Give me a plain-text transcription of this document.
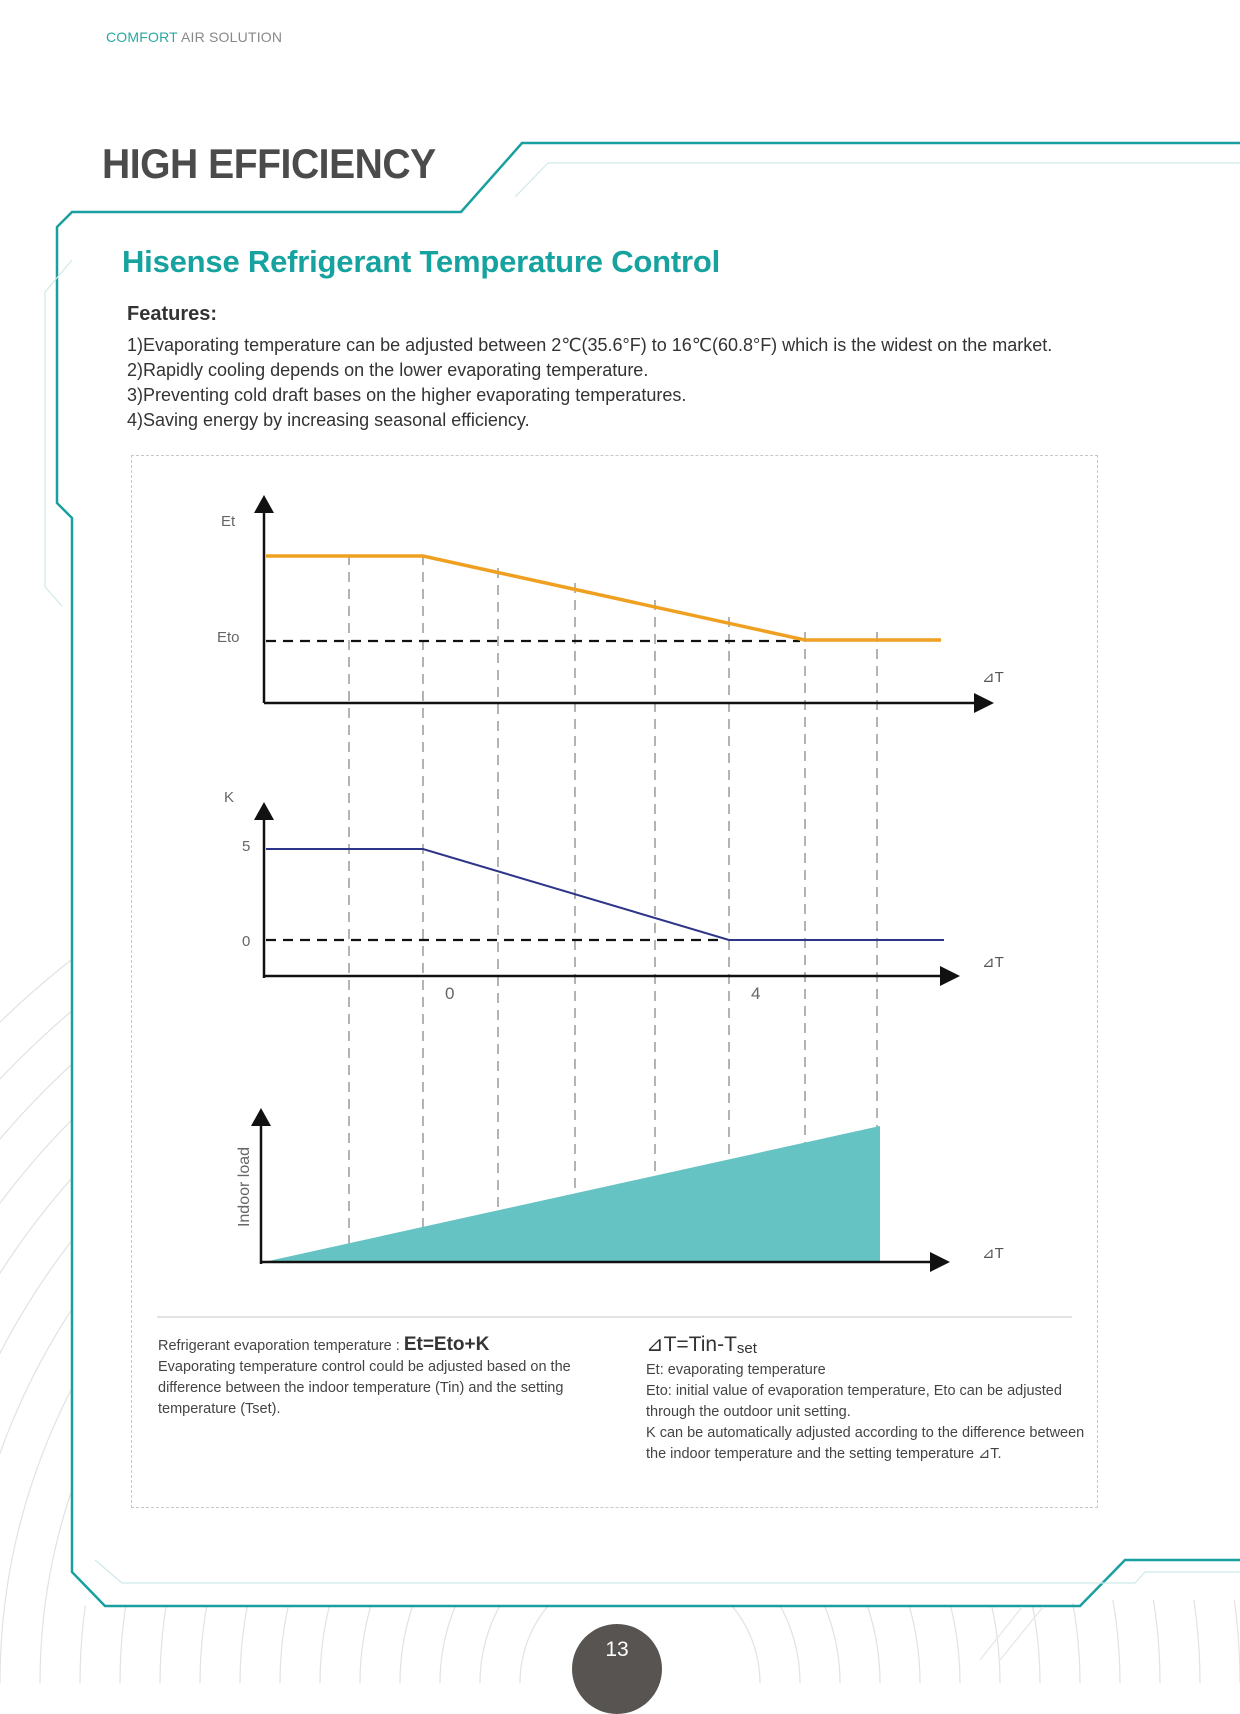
COMFORT AIR SOLUTION
HIGH EFFICIENCY
Hisense Refrigerant Temperature Control
Features:
1)Evaporating temperature can be adjusted between 2℃(35.6°F) to 16℃(60.8°F) which is the widest on the market.
2)Rapidly cooling depends on the lower evaporating temperature.
3)Preventing cold draft bases on the higher evaporating temperatures.
4)Saving energy by increasing seasonal efficiency.
Et
Eto
⊿T
K
5
0
⊿T
0	4
Indoor load
⊿T
Refrigerant evaporation temperature : Et=Eto+K
Evaporating temperature control could be adjusted based on the difference between the indoor temperature (Tin) and the setting temperature (Tset).
$⊿T=Tin-T_{set}$
Et: evaporating temperature
Eto: initial value of evaporation temperature, Eto can be adjusted through the outdoor unit setting.
K can be automatically adjusted according to the difference between the indoor temperature and the setting temperature ⊿T.
13
